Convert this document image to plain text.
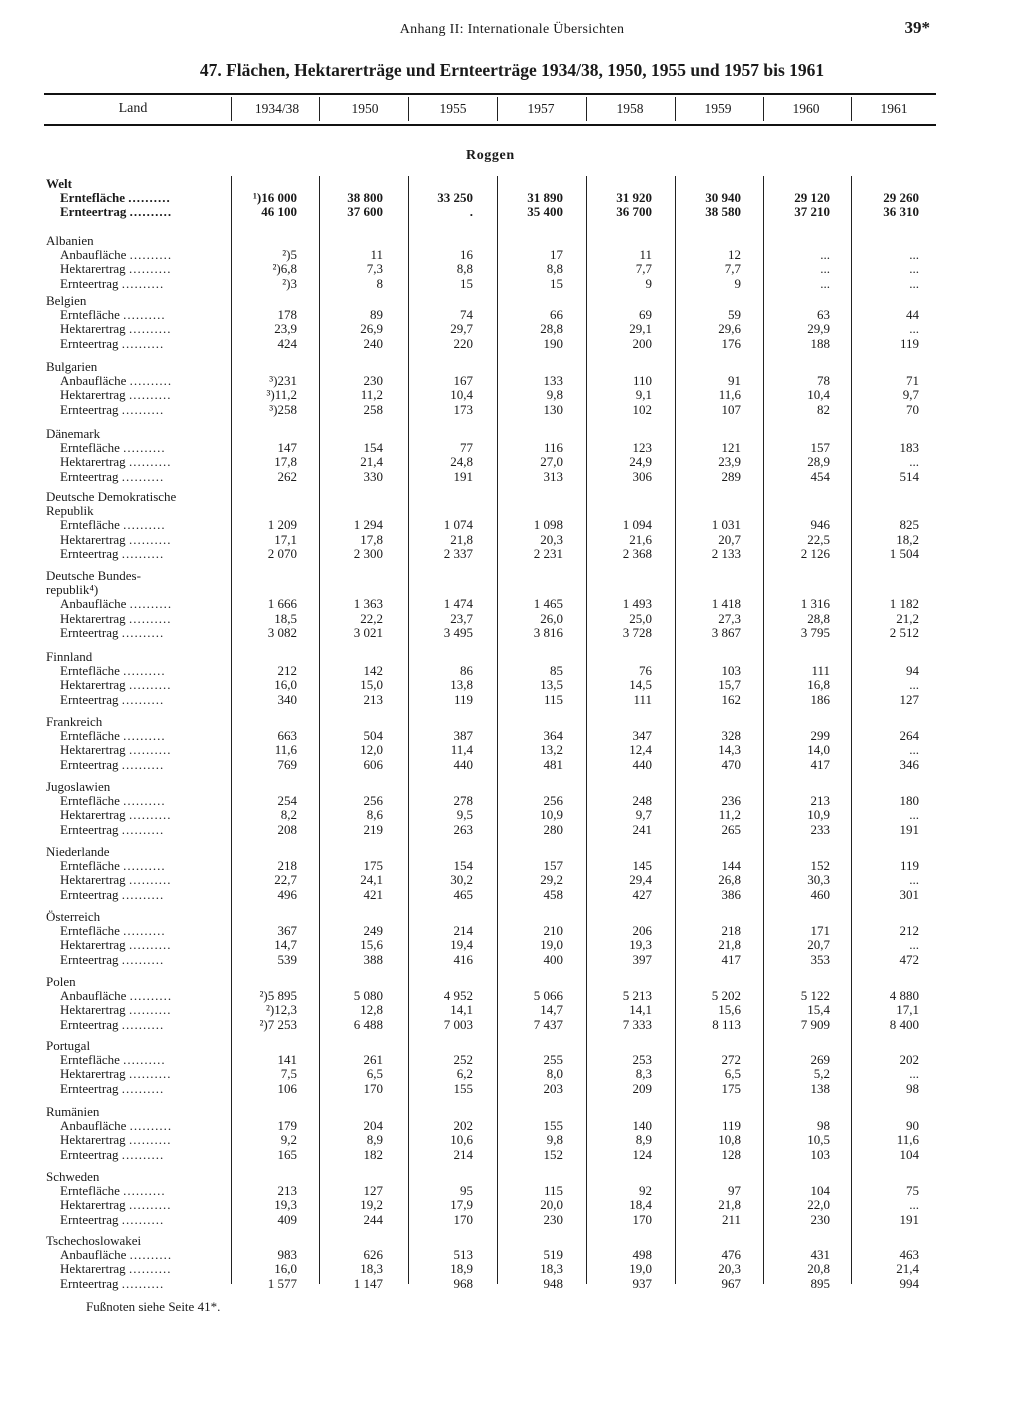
Anhang II: Internationale Übersichten	39*
47. Flächen, Hektarerträge und Ernteerträge 1934/38, 1950, 1955 und 1957 bis 1961
Land	1934/38	1950	1955	1957	1958	1959	1960	1961
Roggen
Welt
Erntefläche ..........	¹)16 000	38 800	33 250	31 890	31 920	30 940	29 120	29 260
Ernteertrag ..........	46 100	37 600	.	35 400	36 700	38 580	37 210	36 310
Albanien
Anbaufläche ..........	²)5	11	16	17	11	12	...	...
Hektarertrag ..........	²)6,8	7,3	8,8	8,8	7,7	7,7	...	...
Ernteertrag ..........	²)3	8	15	15	9	9	...	...
Belgien
Erntefläche ..........	178	89	74	66	69	59	63	44
Hektarertrag ..........	23,9	26,9	29,7	28,8	29,1	29,6	29,9	...
Ernteertrag ..........	424	240	220	190	200	176	188	119
Bulgarien
Anbaufläche ..........	³)231	230	167	133	110	91	78	71
Hektarertrag ..........	³)11,2	11,2	10,4	9,8	9,1	11,6	10,4	9,7
Ernteertrag ..........	³)258	258	173	130	102	107	82	70
Dänemark
Erntefläche ..........	147	154	77	116	123	121	157	183
Hektarertrag ..........	17,8	21,4	24,8	27,0	24,9	23,9	28,9	...
Ernteertrag ..........	262	330	191	313	306	289	454	514
Deutsche Demokratische
Republik
Erntefläche ..........	1 209	1 294	1 074	1 098	1 094	1 031	946	825
Hektarertrag ..........	17,1	17,8	21,8	20,3	21,6	20,7	22,5	18,2
Ernteertrag ..........	2 070	2 300	2 337	2 231	2 368	2 133	2 126	1 504
Deutsche Bundes-
republik⁴)
Anbaufläche ..........	1 666	1 363	1 474	1 465	1 493	1 418	1 316	1 182
Hektarertrag ..........	18,5	22,2	23,7	26,0	25,0	27,3	28,8	21,2
Ernteertrag ..........	3 082	3 021	3 495	3 816	3 728	3 867	3 795	2 512
Finnland
Erntefläche ..........	212	142	86	85	76	103	111	94
Hektarertrag ..........	16,0	15,0	13,8	13,5	14,5	15,7	16,8	...
Ernteertrag ..........	340	213	119	115	111	162	186	127
Frankreich
Erntefläche ..........	663	504	387	364	347	328	299	264
Hektarertrag ..........	11,6	12,0	11,4	13,2	12,4	14,3	14,0	...
Ernteertrag ..........	769	606	440	481	440	470	417	346
Jugoslawien
Erntefläche ..........	254	256	278	256	248	236	213	180
Hektarertrag ..........	8,2	8,6	9,5	10,9	9,7	11,2	10,9	...
Ernteertrag ..........	208	219	263	280	241	265	233	191
Niederlande
Erntefläche ..........	218	175	154	157	145	144	152	119
Hektarertrag ..........	22,7	24,1	30,2	29,2	29,4	26,8	30,3	...
Ernteertrag ..........	496	421	465	458	427	386	460	301
Österreich
Erntefläche ..........	367	249	214	210	206	218	171	212
Hektarertrag ..........	14,7	15,6	19,4	19,0	19,3	21,8	20,7	...
Ernteertrag ..........	539	388	416	400	397	417	353	472
Polen
Anbaufläche ..........	²)5 895	5 080	4 952	5 066	5 213	5 202	5 122	4 880
Hektarertrag ..........	²)12,3	12,8	14,1	14,7	14,1	15,6	15,4	17,1
Ernteertrag ..........	²)7 253	6 488	7 003	7 437	7 333	8 113	7 909	8 400
Portugal
Erntefläche ..........	141	261	252	255	253	272	269	202
Hektarertrag ..........	7,5	6,5	6,2	8,0	8,3	6,5	5,2	...
Ernteertrag ..........	106	170	155	203	209	175	138	98
Rumänien
Anbaufläche ..........	179	204	202	155	140	119	98	90
Hektarertrag ..........	9,2	8,9	10,6	9,8	8,9	10,8	10,5	11,6
Ernteertrag ..........	165	182	214	152	124	128	103	104
Schweden
Erntefläche ..........	213	127	95	115	92	97	104	75
Hektarertrag ..........	19,3	19,2	17,9	20,0	18,4	21,8	22,0	...
Ernteertrag ..........	409	244	170	230	170	211	230	191
Tschechoslowakei
Anbaufläche ..........	983	626	513	519	498	476	431	463
Hektarertrag ..........	16,0	18,3	18,9	18,3	19,0	20,3	20,8	21,4
Ernteertrag ..........	1 577	1 147	968	948	937	967	895	994
Fußnoten siehe Seite 41*.
